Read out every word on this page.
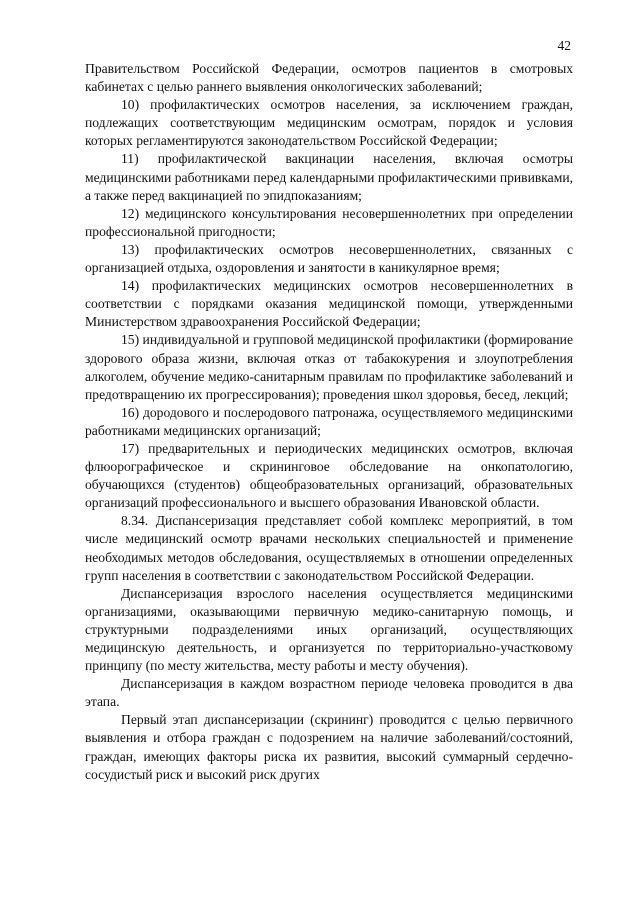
42

Правительством Российской Федерации, осмотров пациентов в смотровых кабинетах с целью раннего выявления онкологических заболеваний;

10) профилактических осмотров населения, за исключением граждан, подлежащих соответствующим медицинским осмотрам, порядок и условия которых регламентируются законодательством Российской Федерации;

11) профилактической вакцинации населения, включая осмотры медицинскими работниками перед календарными профилактическими прививками, а также перед вакцинацией по эпидпоказаниям;

12) медицинского консультирования несовершеннолетних при определении профессиональной пригодности;

13) профилактических осмотров несовершеннолетних, связанных с организацией отдыха, оздоровления и занятости в каникулярное время;

14) профилактических медицинских осмотров несовершеннолетних в соответствии с порядками оказания медицинской помощи, утвержденными Министерством здравоохранения Российской Федерации;

15) индивидуальной и групповой медицинской профилактики (формирование здорового образа жизни, включая отказ от табакокурения и злоупотребления алкоголем, обучение медико-санитарным правилам по профилактике заболеваний и предотвращению их прогрессирования); проведения школ здоровья, бесед, лекций;

16) дородового и послеродового патронажа, осуществляемого медицинскими работниками медицинских организаций;

17) предварительных и периодических медицинских осмотров, включая флюорографическое и скрининговое обследование на онкопатологию, обучающихся (студентов) общеобразовательных организаций, образовательных организаций профессионального и высшего образования Ивановской области.

8.34. Диспансеризация представляет собой комплекс мероприятий, в том числе медицинский осмотр врачами нескольких специальностей и применение необходимых методов обследования, осуществляемых в отношении определенных групп населения в соответствии с законодательством Российской Федерации.

Диспансеризация взрослого населения осуществляется медицинскими организациями, оказывающими первичную медико-санитарную помощь, и структурными подразделениями иных организаций, осуществляющих медицинскую деятельность, и организуется по территориально-участковому принципу (по месту жительства, месту работы и месту обучения).

Диспансеризация в каждом возрастном периоде человека проводится в два этапа.

Первый этап диспансеризации (скрининг) проводится с целью первичного выявления и отбора граждан с подозрением на наличие заболеваний/состояний, граждан, имеющих факторы риска их развития, высокий суммарный сердечно-сосудистый риск и высокий риск других
